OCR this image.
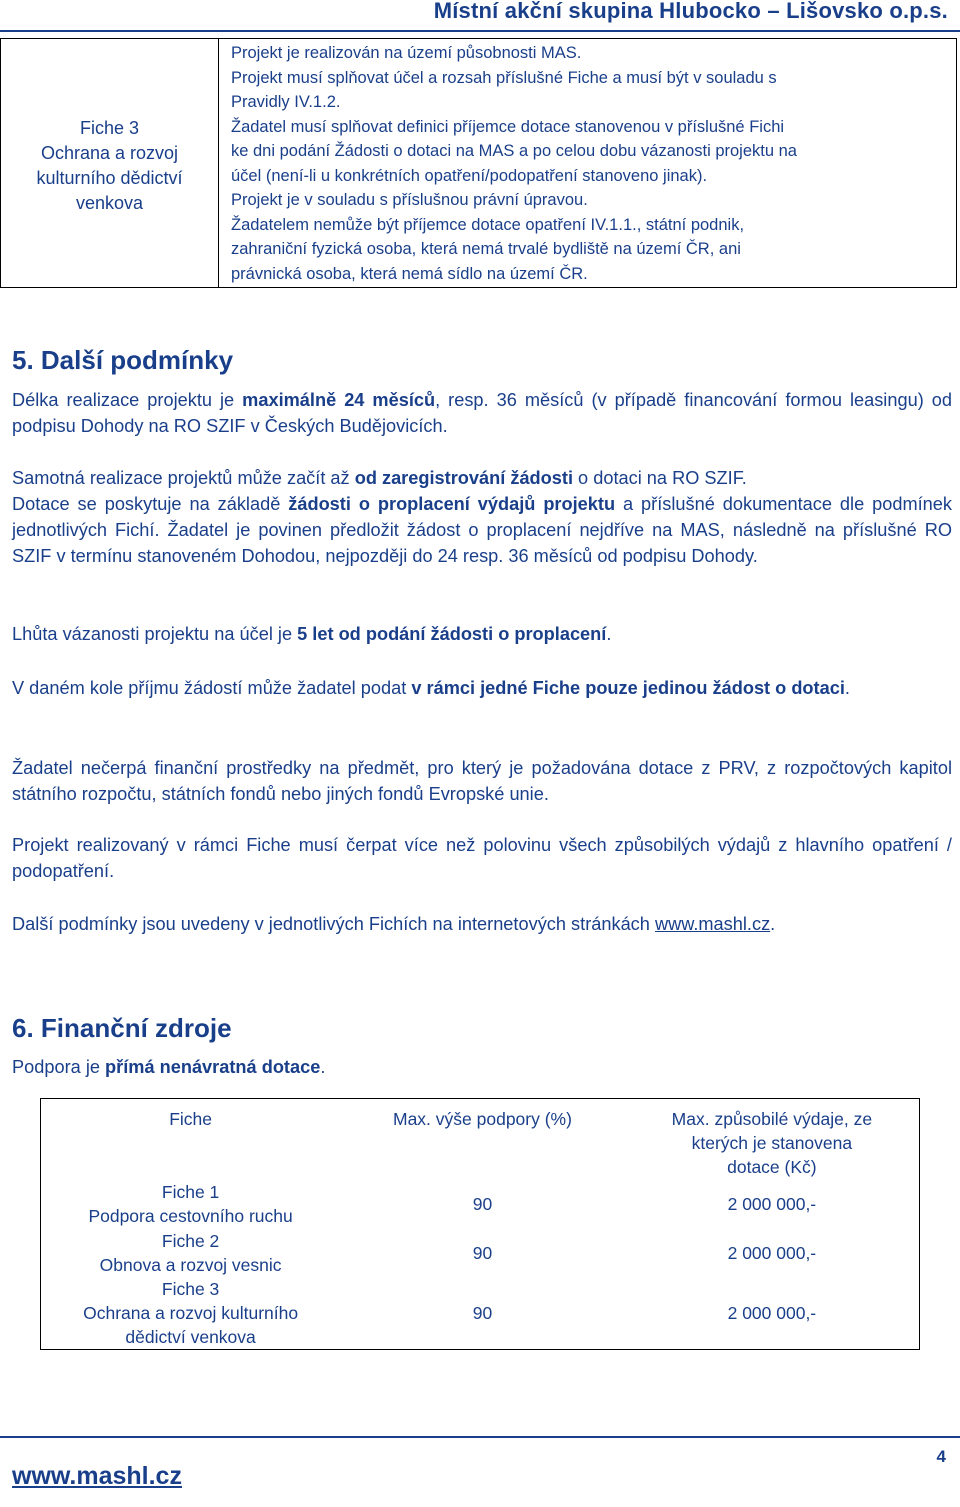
Místní akční skupina Hlubocko – Lišovsko o.p.s.
Fiche 3
Ochrana a rozvoj
kulturního dědictví
venkova
Projekt je realizován na území působnosti MAS.
Projekt musí splňovat účel a rozsah příslušné Fiche a musí být v souladu s
Pravidly IV.1.2.
Žadatel musí splňovat definici příjemce dotace stanovenou v příslušné Fichi
ke dni podání Žádosti o dotaci na MAS a po celou dobu vázanosti projektu na
účel (není-li u konkrétních opatření/podopatření stanoveno jinak).
Projekt je v souladu s příslušnou právní úpravou.
Žadatelem nemůže být příjemce dotace opatření IV.1.1., státní podnik,
zahraniční fyzická osoba, která nemá trvalé bydliště na území ČR, ani
právnická osoba, která nemá sídlo na území ČR.
5. Další podmínky

Délka realizace projektu je maximálně 24 měsíců, resp. 36 měsíců (v případě financování formou leasingu) od podpisu Dohody na RO SZIF v Českých Budějovicích.

Samotná realizace projektů může začít až od zaregistrování žádosti o dotaci na RO SZIF.

Dotace se poskytuje na základě žádosti o proplacení výdajů projektu a příslušné dokumentace dle podmínek jednotlivých Fichí. Žadatel je povinen předložit žádost o proplacení nejdříve na MAS, následně na příslušné RO SZIF v termínu stanoveném Dohodou, nejpozději do 24 resp. 36 měsíců od podpisu Dohody.

Lhůta vázanosti projektu na účel je 5 let od podání žádosti o proplacení.

V daném kole příjmu žádostí může žadatel podat v rámci jedné Fiche pouze jedinou žádost o dotaci.

Žadatel nečerpá finanční prostředky na předmět, pro který je požadována dotace z PRV, z rozpočtových kapitol státního rozpočtu, státních fondů nebo jiných fondů Evropské unie.

Projekt realizovaný v rámci Fiche musí čerpat více než polovinu všech způsobilých výdajů z hlavního opatření / podopatření.

Další podmínky jsou uvedeny v jednotlivých Fichích na internetových stránkách www.mashl.cz.

6. Finanční zdroje

Podpora je přímá nenávratná dotace.

Fiche	Max. výše podpory (%)	Max. způsobilé výdaje, ze kterých je stanovena dotace (Kč)

Fiche 1
Podpora cestovního ruchu	90	2 000 000,-

Fiche 2
Obnova a rozvoj vesnic	90	2 000 000,-

Fiche 3
Ochrana a rozvoj kulturního dědictví venkova	90	2 000 000,-
www.mashl.cz
4
